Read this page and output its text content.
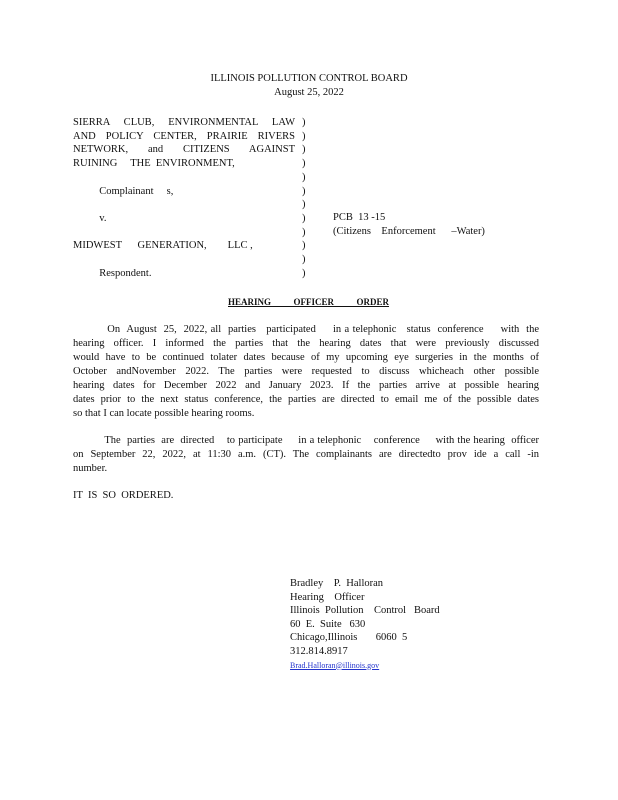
ILLINOIS POLLUTION CONTROL BOARD
August 25, 2022
SIERRA CLUB, ENVIRONMENTAL LAW
AND POLICY CENTER, PRAIRIE RIVERS
NETWORK, and CITIZENS AGAINST
RUINING     THE  ENVIRONMENT,
Complainant     s,
v.
MIDWEST      GENERATION,        LLC ,
Respondent.
)
)
)
)
)
)
)
)
)
)
)
)
PCB  13 -15
(Citizens    Enforcement      –Water)
HEARING          OFFICER          ORDER
On  August  25,  2022, all  parties   participated     in a telephonic   status  conference     with  the
hearing officer. I informed the parties that the hearing dates that were previously discussed
would have to be continued tolater dates because of my upcoming eye surgeries in the months of
October andNovember 2022. The parties were requested to discuss whicheach other possible
hearing dates for December 2022 and January 2023. If the parties arrive at possible hearing
dates prior to the next status conference, the parties are directed to email me of the possible dates
so that I can locate possible hearing rooms.
The  parties  are  directed    to participate     in a telephonic    conference     with the hearing  officer
on September 22, 2022, at 11:30 a.m. (CT). The complainants are directedto prov ide a call -in
number.
IT  IS  SO  ORDERED.
Bradley    P.  Halloran
Hearing    Officer
Illinois  Pollution    Control   Board
60  E.  Suite   630
Chicago,Illinois       6060  5
312.814.8917
Brad.Halloran@illinois.gov
